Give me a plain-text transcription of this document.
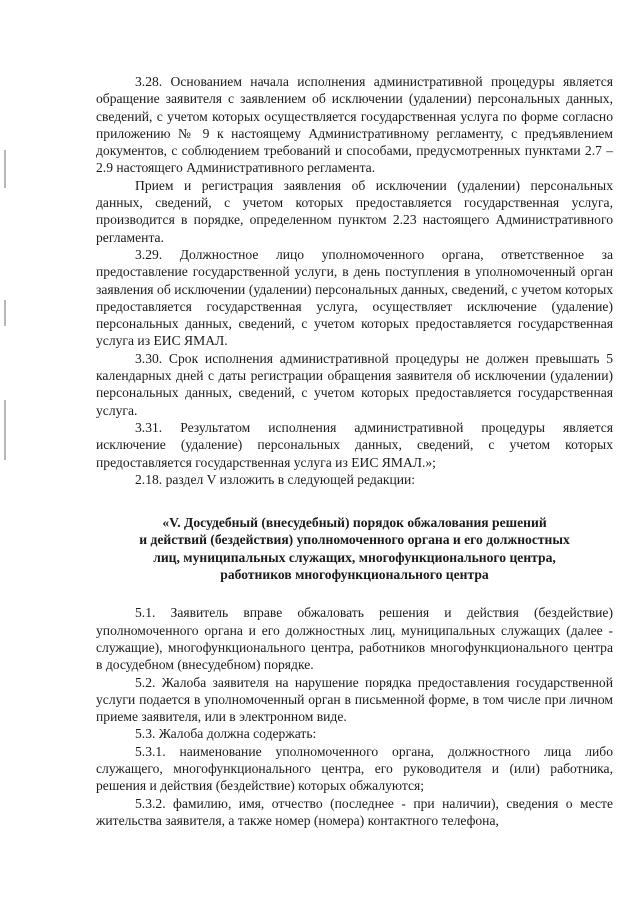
3.28. Основанием начала исполнения административной процедуры является обращение заявителя с заявлением об исключении (удалении) персональных данных, сведений, с учетом которых осуществляется государственная услуга по форме согласно приложению № 9 к настоящему Административному регламенту, с предъявлением документов, с соблюдением требований и способами, предусмотренных пунктами 2.7 – 2.9 настоящего Административного регламента.

Прием и регистрация заявления об исключении (удалении) персональных данных, сведений, с учетом которых предоставляется государственная услуга, производится в порядке, определенном пунктом 2.23 настоящего Административного регламента.

3.29. Должностное лицо уполномоченного органа, ответственное за предоставление государственной услуги, в день поступления в уполномоченный орган заявления об исключении (удалении) персональных данных, сведений, с учетом которых предоставляется государственная услуга, осуществляет исключение (удаление) персональных данных, сведений, с учетом которых предоставляется государственная услуга из ЕИС ЯМАЛ.

3.30. Срок исполнения административной процедуры не должен превышать 5 календарных дней с даты регистрации обращения заявителя об исключении (удалении) персональных данных, сведений, с учетом которых предоставляется государственная услуга.

3.31. Результатом исполнения административной процедуры является исключение (удаление) персональных данных, сведений, с учетом которых предоставляется государственная услуга из ЕИС ЯМАЛ.»;

2.18. раздел V изложить в следующей редакции:

«V. Досудебный (внесудебный) порядок обжалования решений
и действий (бездействия) уполномоченного органа и его должностных
лиц, муниципальных служащих, многофункционального центра,
работников многофункционального центра

5.1. Заявитель вправе обжаловать решения и действия (бездействие) уполномоченного органа и его должностных лиц, муниципальных служащих (далее - служащие), многофункционального центра, работников многофункционального центра в досудебном (внесудебном) порядке.

5.2. Жалоба заявителя на нарушение порядка предоставления государственной услуги подается в уполномоченный орган в письменной форме, в том числе при личном приеме заявителя, или в электронном виде.

5.3. Жалоба должна содержать:

5.3.1. наименование уполномоченного органа, должностного лица либо служащего, многофункционального центра, его руководителя и (или) работника, решения и действия (бездействие) которых обжалуются;

5.3.2. фамилию, имя, отчество (последнее - при наличии), сведения о месте жительства заявителя, а также номер (номера) контактного телефона,
